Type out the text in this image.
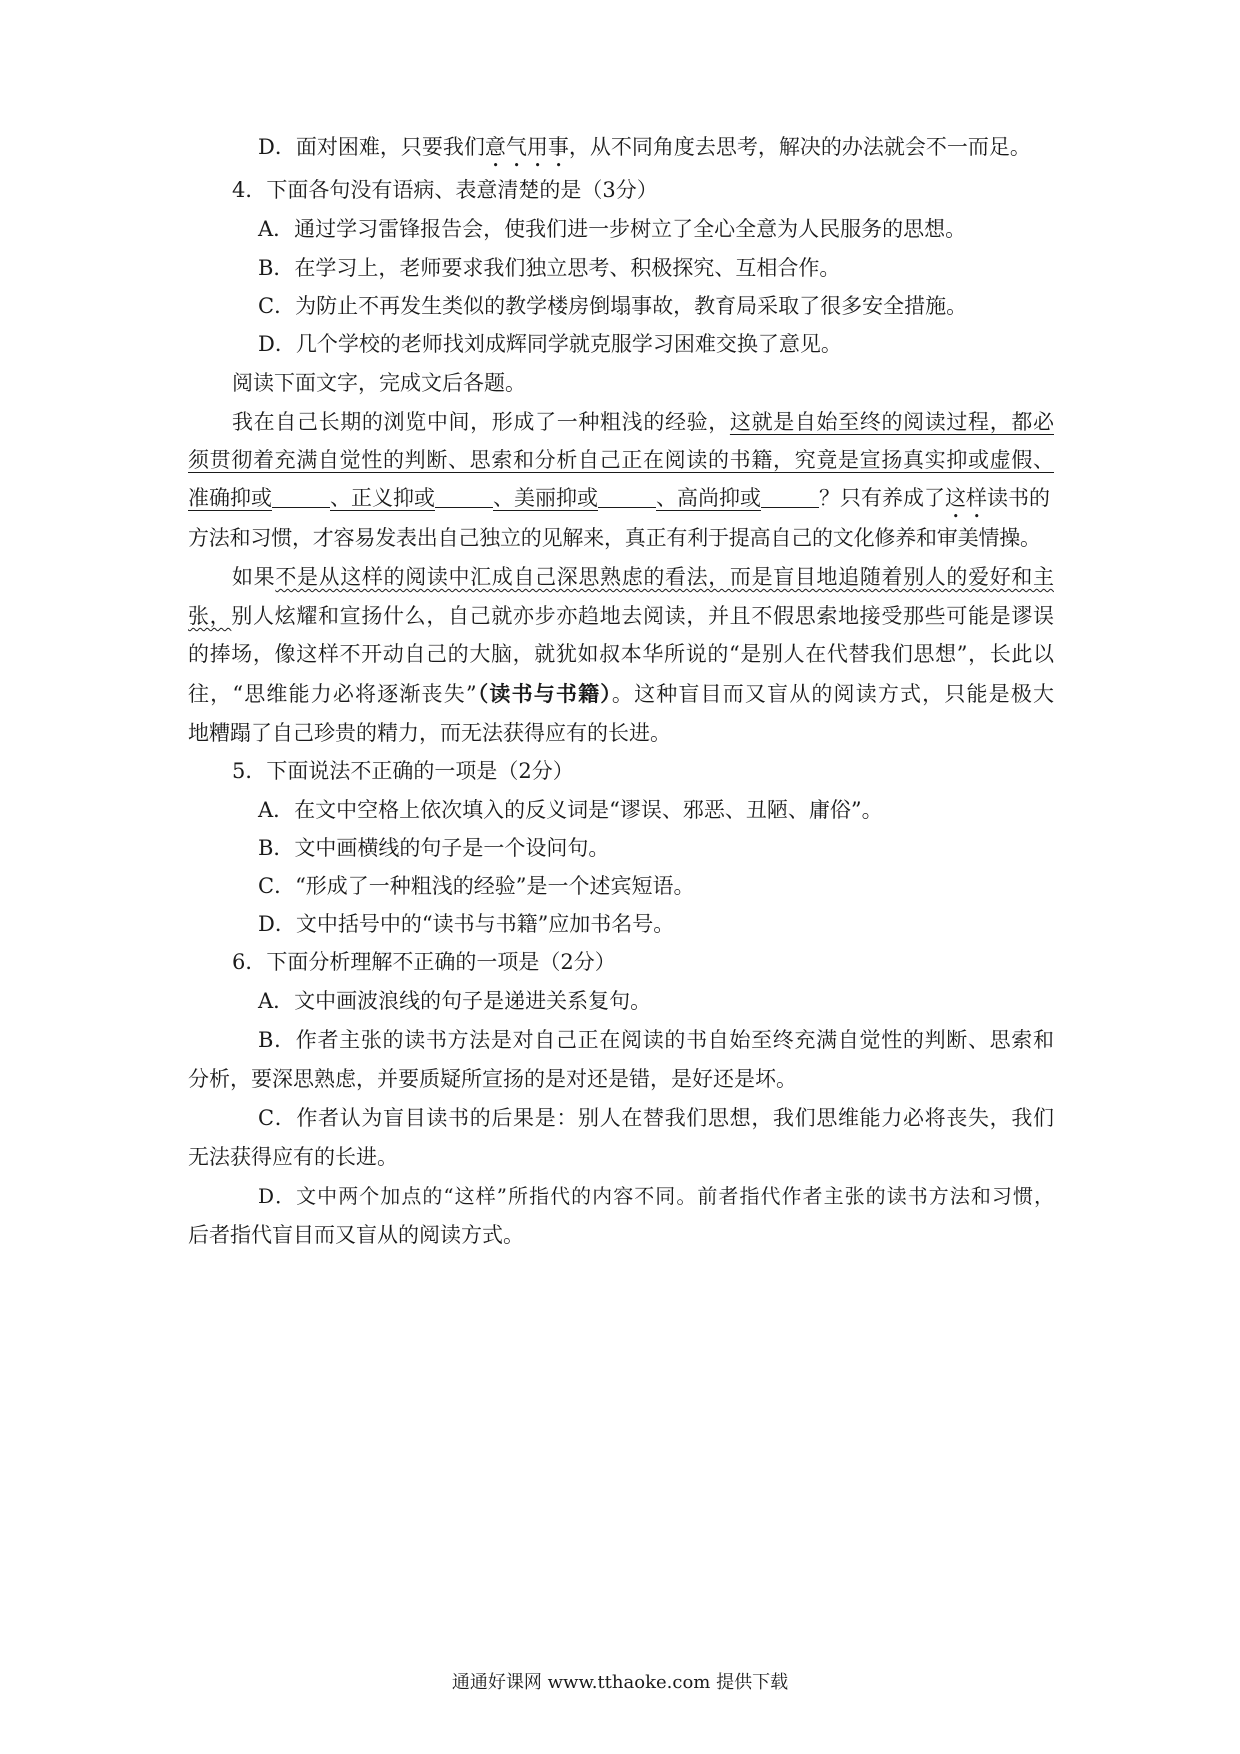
D．面对困难，只要我们意气用事，从不同角度去思考，解决的办法就会不一而足。
4．下面各句没有语病、表意清楚的是（3分）
A．通过学习雷锋报告会，使我们进一步树立了全心全意为人民服务的思想。
B．在学习上，老师要求我们独立思考、积极探究、互相合作。
C．为防止不再发生类似的教学楼房倒塌事故，教育局采取了很多安全措施。
D．几个学校的老师找刘成辉同学就克服学习困难交换了意见。
阅读下面文字，完成文后各题。
我在自己长期的浏览中间，形成了一种粗浅的经验，这就是自始至终的阅读过程，都必
须贯彻着充满自觉性的判断、思索和分析自己正在阅读的书籍，究竟是宣扬真实抑或虚假、
准确抑或	、正义抑或	、美丽抑或	、高尚抑或	？只有养成了这样读书的
方法和习惯，才容易发表出自己独立的见解来，真正有利于提高自己的文化修养和审美情操。
如果不是从这样的阅读中汇成自己深思熟虑的看法，而是盲目地追随着别人的爱好和主
张，别人炫耀和宣扬什么，自己就亦步亦趋地去阅读，并且不假思索地接受那些可能是谬误
的捧场，像这样不开动自己的大脑，就犹如叔本华所说的“是别人在代替我们思想”，长此以
往，“思维能力必将逐渐丧失”（读书与书籍）。这种盲目而又盲从的阅读方式，只能是极大
地糟蹋了自己珍贵的精力，而无法获得应有的长进。
5．下面说法不正确的一项是（2分）
A．在文中空格上依次填入的反义词是“谬误、邪恶、丑陋、庸俗”。
B．文中画横线的句子是一个设问句。
C．“形成了一种粗浅的经验”是一个述宾短语。
D．文中括号中的“读书与书籍”应加书名号。
6．下面分析理解不正确的一项是（2分）
A．文中画波浪线的句子是递进关系复句。
B．作者主张的读书方法是对自己正在阅读的书自始至终充满自觉性的判断、思索和
分析，要深思熟虑，并要质疑所宣扬的是对还是错，是好还是坏。
C．作者认为盲目读书的后果是：别人在替我们思想，我们思维能力必将丧失，我们
无法获得应有的长进。
D．文中两个加点的“这样”所指代的内容不同。前者指代作者主张的读书方法和习惯，
后者指代盲目而又盲从的阅读方式。
通通好课网 www.tthaoke.com 提供下载
